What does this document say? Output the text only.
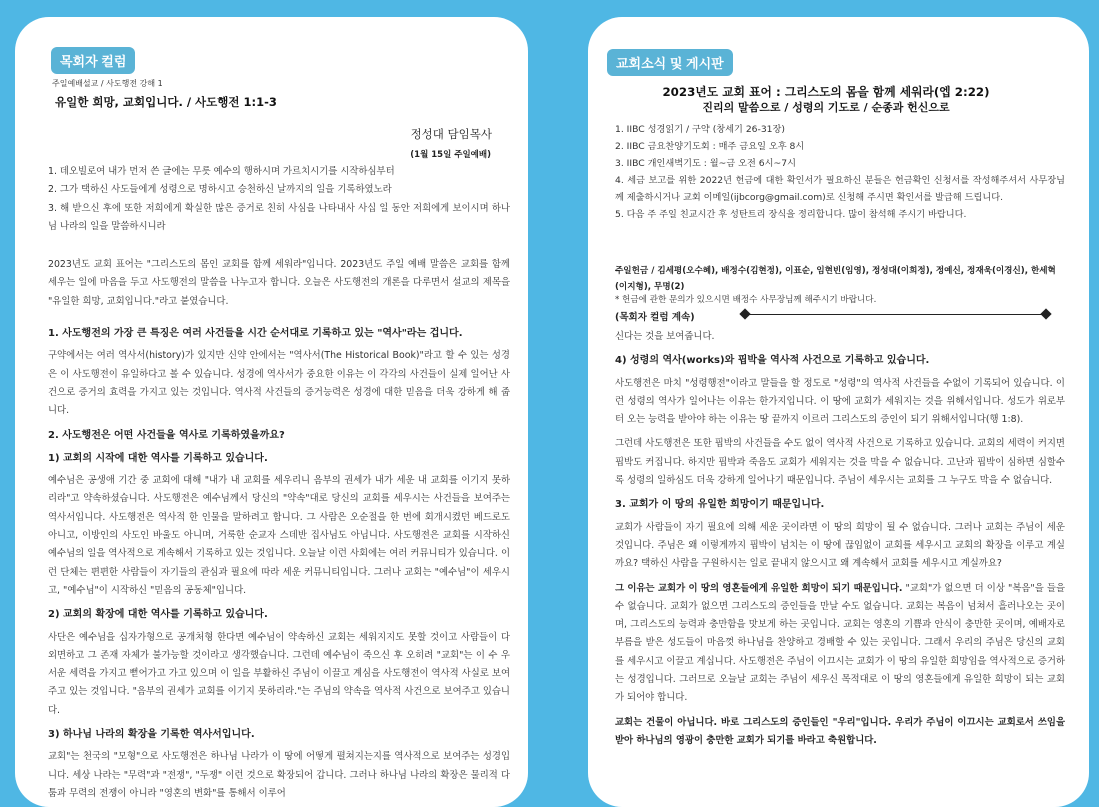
목회자 컬럼
주일예배설교 / 사도행전 강해 1
유일한 희망, 교회입니다. / 사도행전 1:1-3
정성대 담임목사
(1월 15일 주일예배)
1. 데오빌로여 내가 먼저 쓴 글에는 무릇 예수의 행하시며 가르치시기를 시작하심부터
2. 그가 택하신 사도들에게 성령으로 명하시고 승천하신 날까지의 일을 기록하였노라

3. 해 받으신 후에 또한 저희에게 확실한 많은 증거로 친히 사심을 나타내사 사십 일 동안 저희에게 보이시며 하나님 나라의 일을 말씀하시니라

2023년도 교회 표어는 "그리스도의 몸인 교회를 함께 세워라"입니다. 2023년도 주일 예배 말씀은 교회를 함께 세우는 일에 마음을 두고 사도행전의 말씀을 나누고자 합니다. 오늘은 사도행전의 개론을 다루면서 설교의 제목을 "유일한 희망, 교회입니다."라고 붙였습니다.

1. 사도행전의 가장 큰 특징은 여러 사건들을 시간 순서대로 기록하고 있는 "역사"라는 겁니다.

구약에서는 여러 역사서(history)가 있지만 신약 안에서는 "역사서(The Historical Book)"라고 할 수 있는 성경은 이 사도행전이 유일하다고 볼 수 있습니다. 성경에 역사서가 중요한 이유는 이 각각의 사건들이 실제 일어난 사건으로 증거의 효력을 가지고 있는 것입니다. 역사적 사건들의 증거능력은 성경에 대한 믿음을 더욱 강하게 해 줍니다.

2. 사도행전은 어떤 사건들을 역사로 기록하였을까요?
1) 교회의 시작에 대한 역사를 기록하고 있습니다.

예수님은 공생애 기간 중 교회에 대해 "내가 내 교회를 세우리니 음부의 권세가 내가 세운 내 교회를 이기지 못하리라"고 약속하셨습니다. 사도행전은 예수님께서 당신의 "약속"대로 당신의 교회를 세우시는 사건들을 보여주는 역사서입니다. 사도행전은 역사적 한 인물을 말하려고 합니다. 그 사람은 오순절을 한 번에 회개시켰던 베드로도 아니고, 이방인의 사도인 바울도 아니며, 거룩한 순교자 스데반 집사님도 아닙니다. 사도행전은 교회를 시작하신 예수님의 일을 역사적으로 계속해서 기록하고 있는 것입니다. 오늘날 이런 사회에는 여러 커뮤니티가 있습니다. 이런 단체는 편편한 사람들이 자기들의 관심과 필요에 따라 세운 커뮤니티입니다. 그러나 교회는 "예수님"이 세우시고, "예수님"이 시작하신 "믿음의 공동체"입니다.

2) 교회의 확장에 대한 역사를 기록하고 있습니다.

사단은 예수님을 십자가형으로 공개처형 한다면 예수님이 약속하신 교회는 세워지지도 못할 것이고 사람들이 다 외면하고 그 존재 자체가 불가능할 것이라고 생각했습니다. 그런데 예수님이 죽으신 후 오히려 "교회"는 이 수 우서운 세력을 가지고 뻗어가고 가고 있으며 이 일을 부활하신 주님이 이끌고 계심을 사도행전이 역사적 사실로 보여주고 있는 것입니다. "음부의 권세가 교회를 이기지 못하리라."는 주님의 약속을 역사적 사건으로 보여주고 있습니다.

3) 하나님 나라의 확장을 기록한 역사서입니다.

교회"는 천국의 "모형"으로 사도행전은 하나님 나라가 이 땅에 어떻게 펼쳐지는지를 역사적으로 보여주는 성경입니다. 세상 나라는 "무력"과 "전쟁", "두쟁" 이런 것으로 확장되어 갑니다. 그러나 하나님 나라의 확장은 물리적 다툼과 무력의 전쟁이 아니라 "영혼의 변화"를 통해서 이루어

교회소식 및 게시판
2023년도 교회 표어 : 그리스도의 몸을 함께 세워라(엡 2:22)
진리의 말씀으로 / 성령의 기도로 / 순종과 헌신으로
1. IIBC 성경읽기 / 구약 (창세기 26-31장)
2. IIBC 금요찬양기도회 : 매주 금요일 오후 8시
3. IIBC 개인새벽기도 : 월~금 오전 6시~7시
4. 세금 보고를 위한 2022년 헌금에 대한 확인서가 필요하신 분들은 헌금확인 신청서를 작성해주셔서 사무장님께 제출하시거나 교회 이메일(ijbcorg@gmail.com)로 신청해 주시면 확인서를 발급해 드립니다.
5. 다음 주 주일 친교시간 후 성탄트리 장식을 정리합니다. 많이 참석해 주시기 바랍니다.
주일헌금 / 김세평(오수혜), 배정수(김현정), 이표순, 임현빈(임영), 정성대(이희정), 정예신, 정재욱(이경신), 한세혁(이지형), 무명(2)
* 헌금에 관한 문의가 있으시면 배정수 사무장님께 해주시기 바랍니다.
(목회자 컬럼 계속)

신다는 것을 보여줍니다.

4) 성령의 역사(works)와 핍박을 역사적 사건으로 기록하고 있습니다.

사도행전은 마치 "성령행전"이라고 말들을 할 정도로 "성령"의 역사적 사건들을 수없이 기록되어 있습니다. 이런 성령의 역사가 일어나는 이유는 한가지입니다. 이 땅에 교회가 세워지는 것을 위해서입니다. 성도가 위로부터 오는 능력을 받아야 하는 이유는 땅 끝까지 이르러 그리스도의 증인이 되기 위해서입니다(행 1:8).

그런데 사도행전은 또한 핍박의 사건들을 수도 없이 역사적 사건으로 기록하고 있습니다. 교회의 세력이 커지면 핍박도 커집니다. 하지만 핍박과 죽음도 교회가 세워지는 것을 막을 수 없습니다. 고난과 핍박이 심하면 심할수록 성령의 일하심도 더욱 강하게 일어나기 때문입니다. 주님이 세우시는 교회를 그 누구도 막을 수 없습니다.

3. 교회가 이 땅의 유일한 희망이기 때문입니다.

교회가 사람들이 자기 필요에 의해 세운 곳이라면 이 땅의 희망이 될 수 없습니다. 그러나 교회는 주님이 세운 것입니다. 주님은 왜 이렇게까지 핍박이 넘치는 이 땅에 끊임없이 교회를 세우시고 교회의 확장을 이루고 계실까요? 택하신 사람을 구원하시는 일로 끝내지 않으시고 왜 계속해서 교회를 세우시고 계실까요?

그 이유는 교회가 이 땅의 영혼들에게 유일한 희망이 되기 때문입니다. "교회"가 없으면 더 이상 "복음"을 들을 수 없습니다. 교회가 없으면 그리스도의 증인들을 만날 수도 없습니다. 교회는 복음이 넘쳐서 흘러나오는 곳이며, 그리스도의 능력과 충만함을 맛보게 하는 곳입니다. 교회는 영혼의 기쁨과 안식이 충만한 곳이며, 예배자로 부름을 받은 성도들이 마음껏 하나님을 찬양하고 경배할 수 있는 곳입니다. 그래서 우리의 주님은 당신의 교회를 세우시고 이끌고 계십니다. 사도행전은 주님이 이끄시는 교회가 이 땅의 유일한 희망임을 역사적으로 증거하는 성경입니다. 그러므로 오늘날 교회는 주님이 세우신 목적대로 이 땅의 영혼들에게 유일한 희망이 되는 교회가 되어야 합니다.

교회는 건물이 아닙니다. 바로 그리스도의 증인들인 "우리"입니다. 우리가 주님이 이끄시는 교회로서 쓰임을 받아 하나님의 영광이 충만한 교회가 되기를 바라고 축원합니다.
